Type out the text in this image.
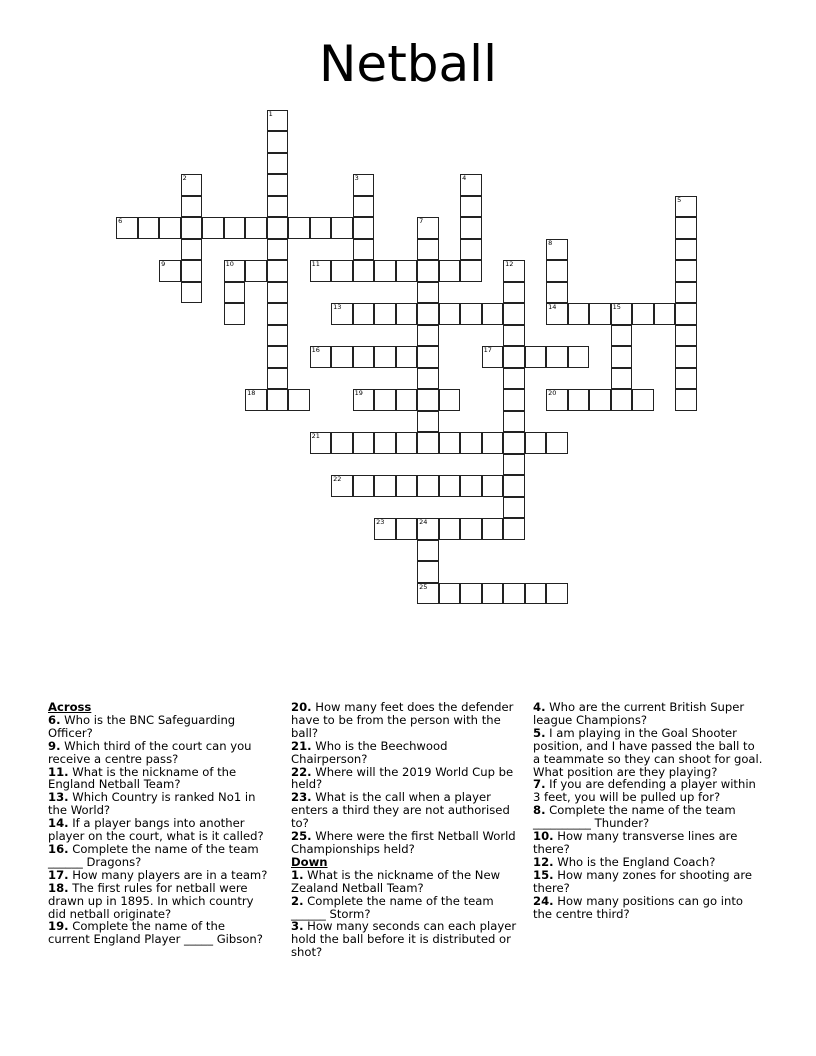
Netball
1
2	3	4
5
6	7
8
9	10	11	12
13	14	15
16	17
18	19	20
21
22
23	24
25
Across
6. Who is the BNC Safeguarding Officer?
9. Which third of the court can you receive a centre pass?
11. What is the nickname of the England Netball Team?
13. Which Country is ranked No1 in the World?
14. If a player bangs into another player on the court, what is it called?
16. Complete the name of the team ______ Dragons?
17. How many players are in a team?
18. The first rules for netball were drawn up in 1895. In which country did netball originate?
19. Complete the name of the current England Player _____ Gibson?
20. How many feet does the defender have to be from the person with the ball?
21. Who is the Beechwood Chairperson?
22. Where will the 2019 World Cup be held?
23. What is the call when a player enters a third they are not authorised to?
25. Where were the first Netball World Championships held?
Down
1. What is the nickname of the New Zealand Netball Team?
2. Complete the name of the team ______ Storm?
3. How many seconds can each player hold the ball before it is distributed or shot?
4. Who are the current British Super league Champions?
5. I am playing in the Goal Shooter position, and I have passed the ball to a teammate so they can shoot for goal. What position are they playing?
7. If you are defending a player within 3 feet, you will be pulled up for?
8. Complete the name of the team __________ Thunder?
10. How many transverse lines are there?
12. Who is the England Coach?
15. How many zones for shooting are there?
24. How many positions can go into the centre third?
